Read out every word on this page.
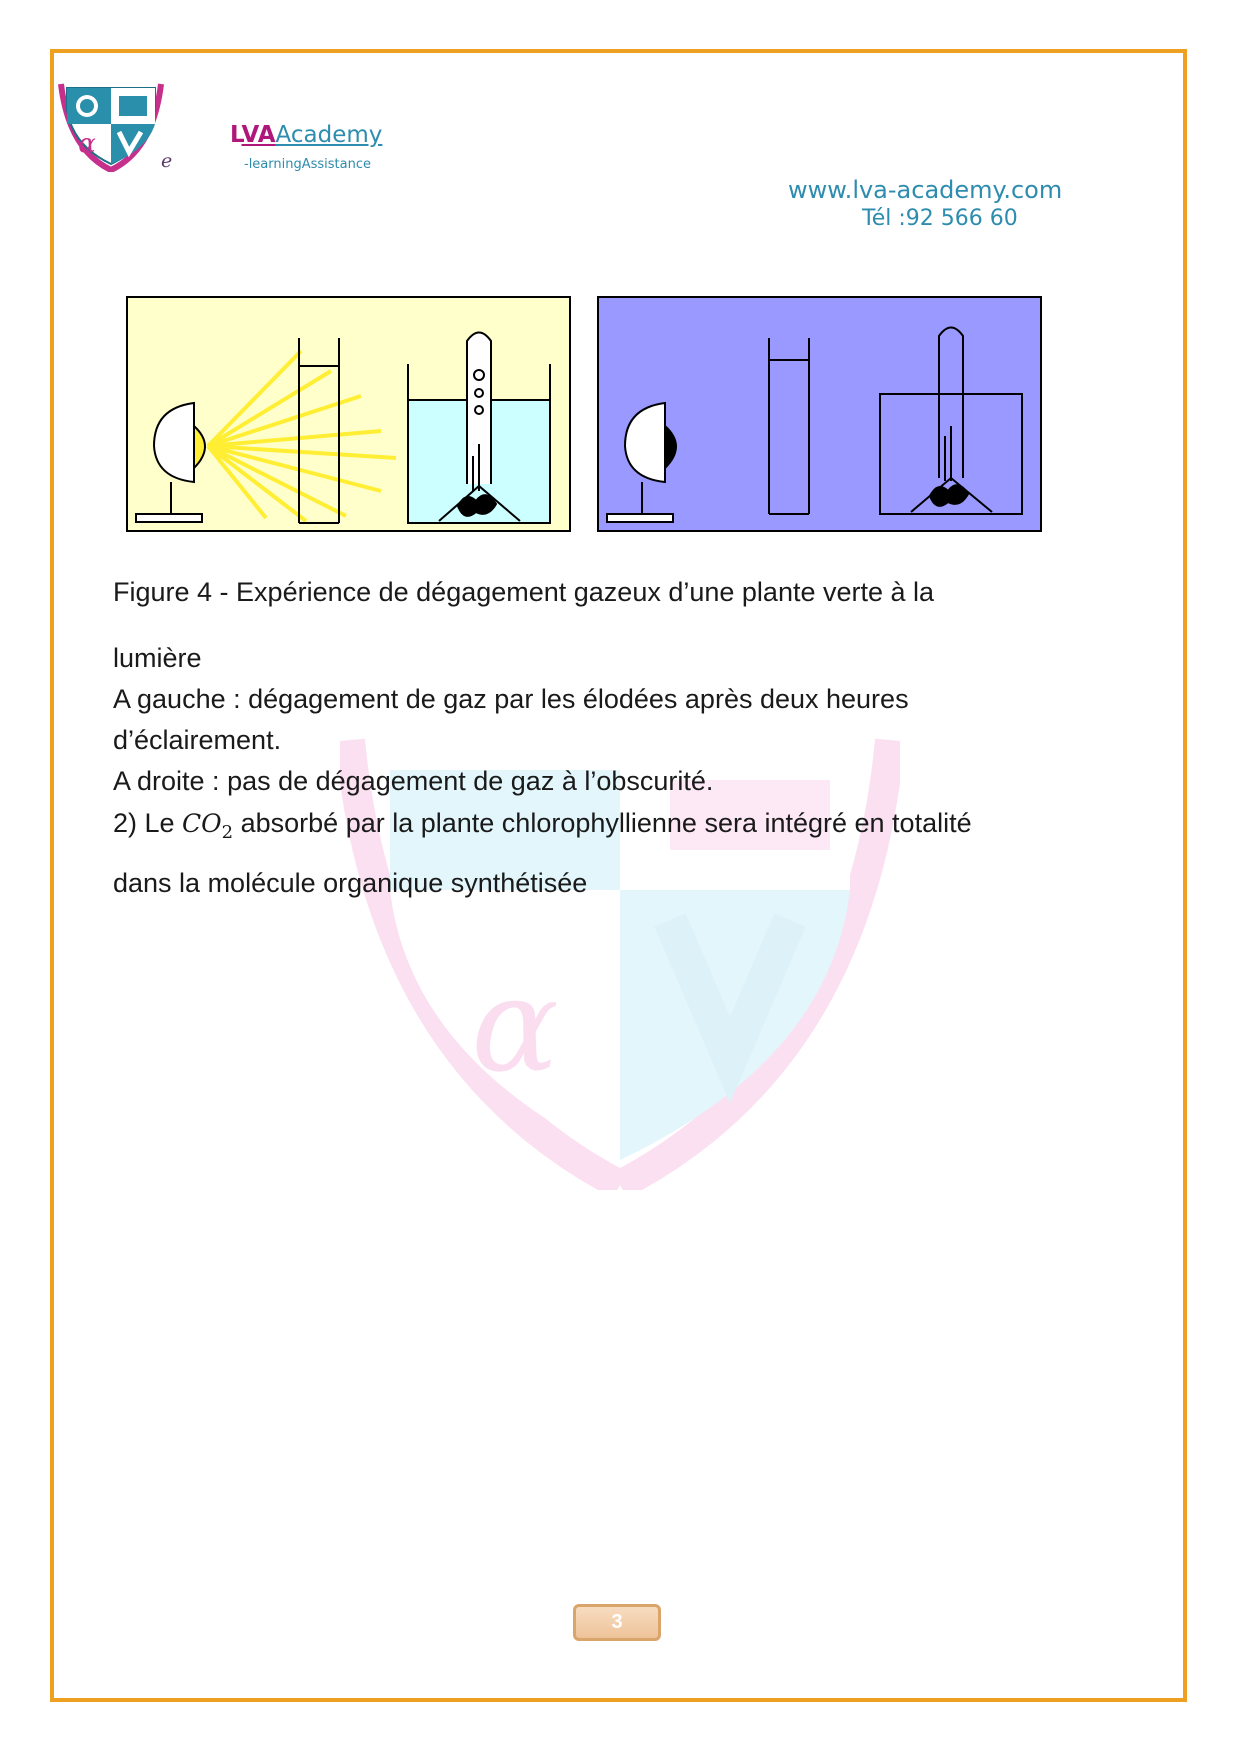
α
α
e
LVAAcademy
-learningAssistance
www.lva-academy.com
Tél :92 566 60

Figure 4 - Expérience de dégagement gazeux d’une plante verte à la

lumière

A gauche : dégagement de gaz par les élodées après deux heures

d’éclairement.

A droite : pas de dégagement de gaz à l’obscurité.

2) Le $CO_2$ absorbé par la plante chlorophyllienne sera intégré en totalité

dans la molécule organique synthétisée

3
